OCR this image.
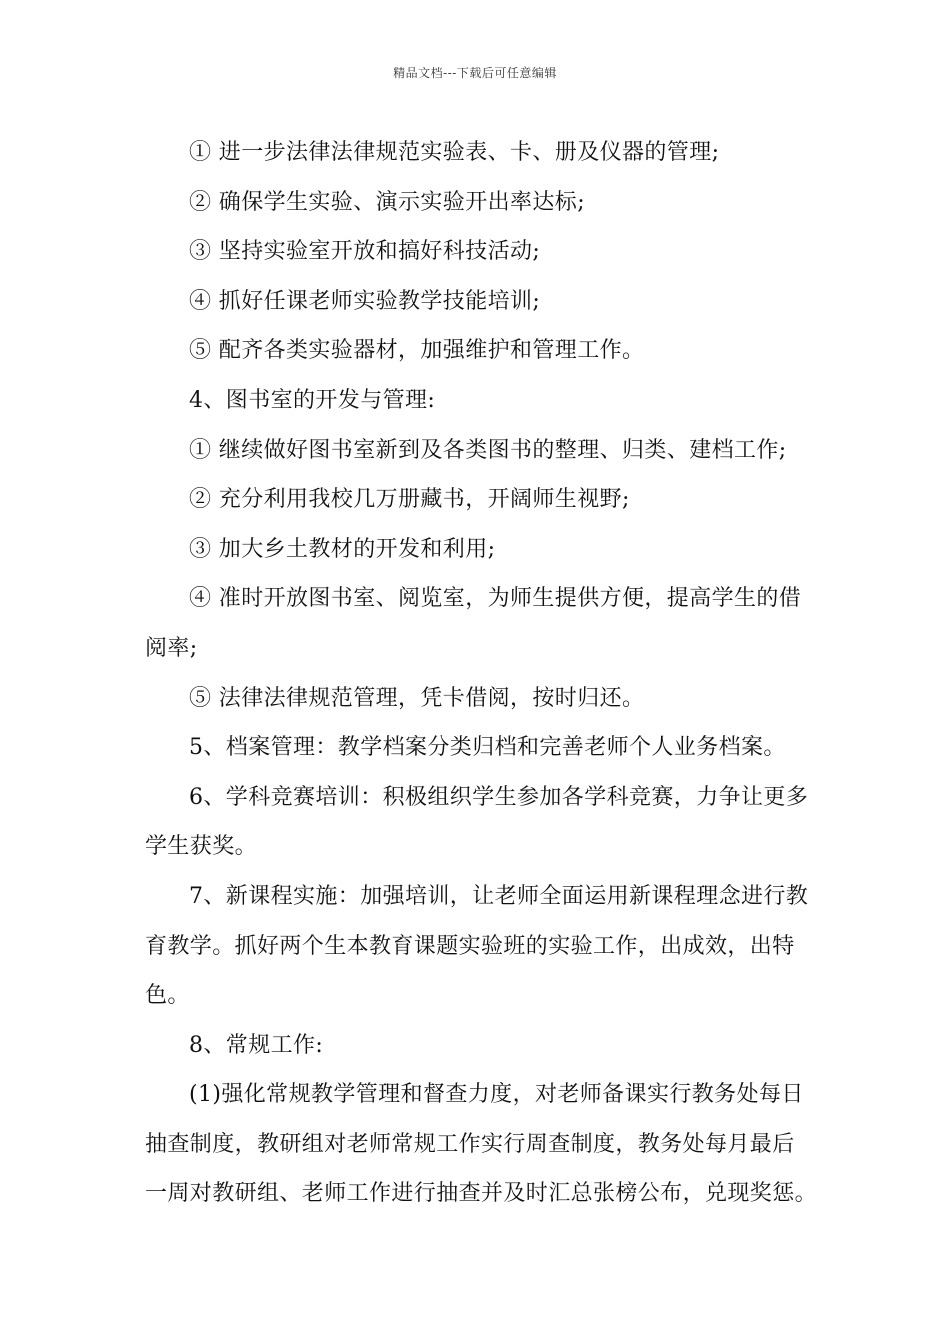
精品文档---下载后可任意编辑
① 进一步法律法律规范实验表、卡、册及仪器的管理;
② 确保学生实验、演示实验开出率达标;
③ 坚持实验室开放和搞好科技活动;
④ 抓好任课老师实验教学技能培训;
⑤ 配齐各类实验器材，加强维护和管理工作。
4、图书室的开发与管理:
① 继续做好图书室新到及各类图书的整理、归类、建档工作;
② 充分利用我校几万册藏书，开阔师生视野;
③ 加大乡土教材的开发和利用;
④ 准时开放图书室、阅览室，为师生提供方便，提高学生的借
阅率;
⑤ 法律法律规范管理，凭卡借阅，按时归还。
5、档案管理：教学档案分类归档和完善老师个人业务档案。
6、学科竞赛培训：积极组织学生参加各学科竞赛，力争让更多
学生获奖。
7、新课程实施：加强培训，让老师全面运用新课程理念进行教
育教学。抓好两个生本教育课题实验班的实验工作，出成效，出特
色。
8、常规工作:
(1)强化常规教学管理和督查力度，对老师备课实行教务处每日
抽查制度，教研组对老师常规工作实行周查制度，教务处每月最后
一周对教研组、老师工作进行抽查并及时汇总张榜公布，兑现奖惩。
